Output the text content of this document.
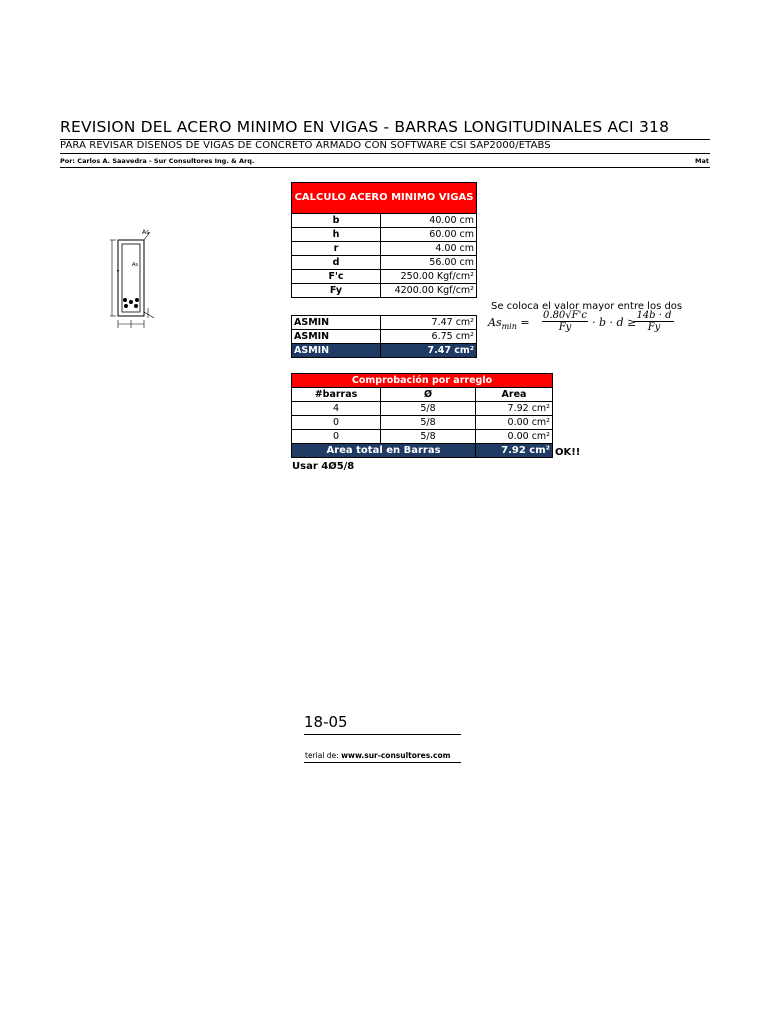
REVISION DEL ACERO MINIMO EN VIGAS - BARRAS LONGITUDINALES ACI 318
PARA REVISAR DISEÑOS DE VIGAS DE CONCRETO ARMADO CON SOFTWARE CSI SAP2000/ETABS
Por: Carlos A. Saavedra - Sur Consultores Ing. & Arq.	Mat
As
As
CALCULO ACERO MINIMO VIGAS	
b	40.00 cm
h	60.00 cm
r	4.00 cm
d	56.00 cm
F'c	250.00 Kgf/cm²
Fy	4200.00 Kgf/cm²
ASMIN	7.47 cm²
ASMIN	6.75 cm²
ASMIN	7.47 cm²
Se coloca el valor mayor entre los dos
$As_{min}$ =
0.80√F'c
Fy	· b · d ≥
14b · d
Fy
Comprobación por arreglo		
#barras	Ø	Area
4	5/8	7.92 cm²
0	5/8	0.00 cm²
0	5/8	0.00 cm²
Area total en Barras		7.92 cm² OK!!
Usar 4Ø5/8
18-05
terial de: www.sur-consultores.com
